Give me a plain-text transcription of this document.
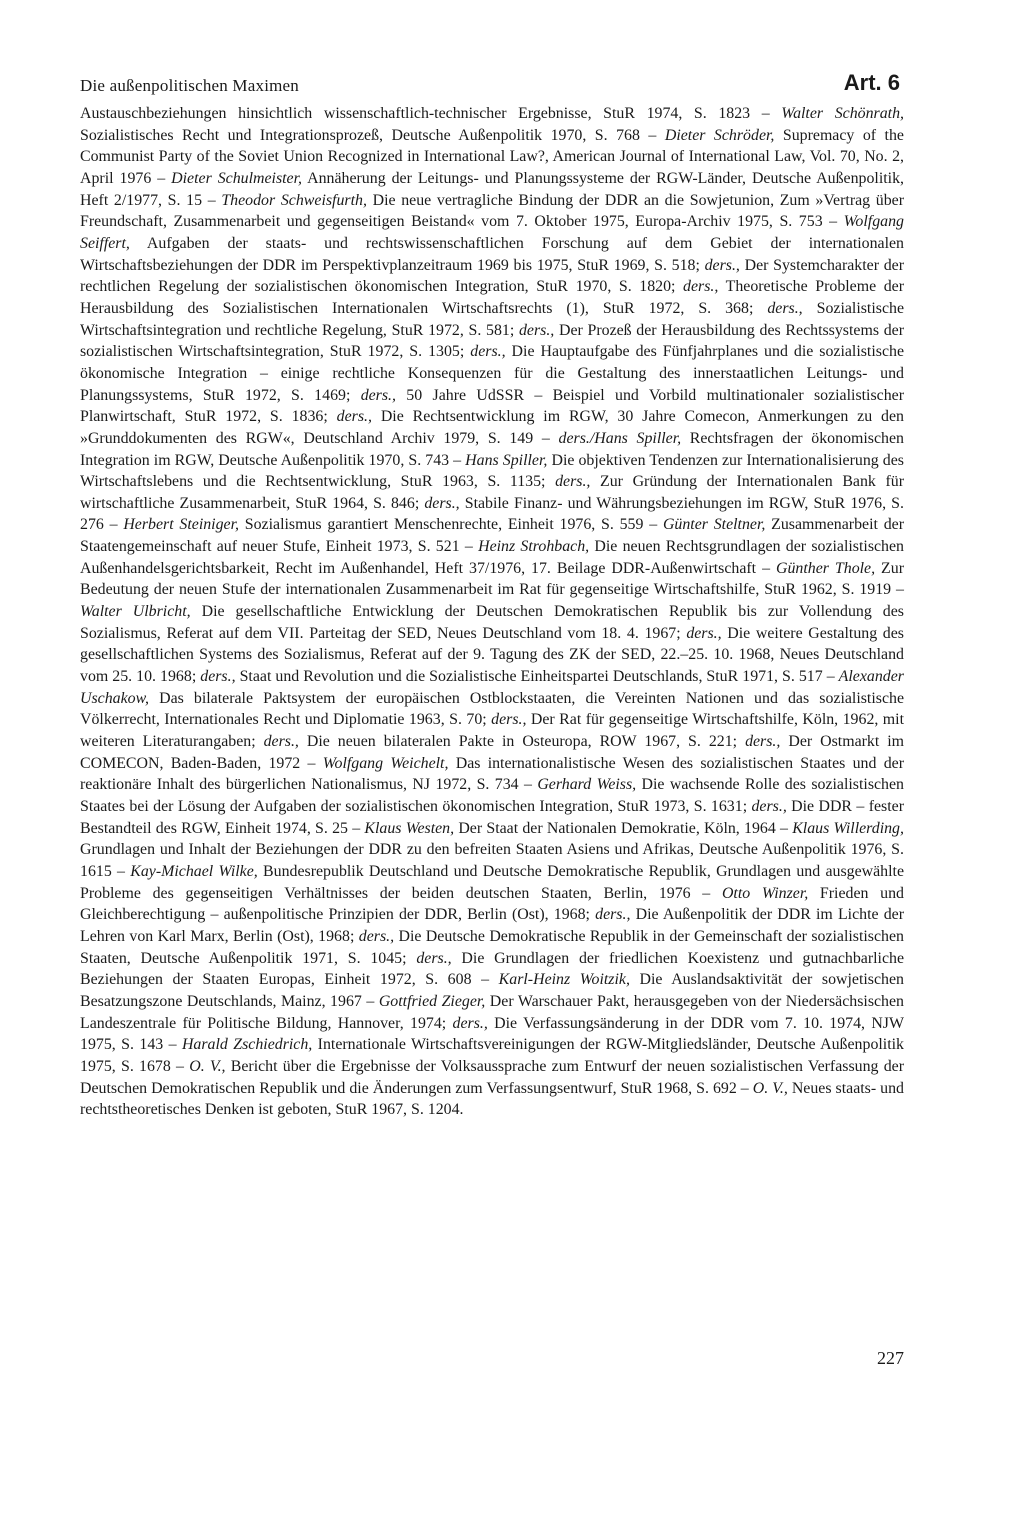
Die außenpolitischen Maximen	Art. 6

Austauschbeziehungen hinsichtlich wissenschaftlich-technischer Ergebnisse, StuR 1974, S. 1823 – Walter Schönrath, Sozialistisches Recht und Integrationsprozeß, Deutsche Außenpolitik 1970, S. 768 – Dieter Schröder, Supremacy of the Communist Party of the Soviet Union Recognized in International Law?, American Journal of International Law, Vol. 70, No. 2, April 1976 – Dieter Schulmeister, Annäherung der Leitungs- und Planungssysteme der RGW-Länder, Deutsche Außenpolitik, Heft 2/1977, S. 15 – Theodor Schweisfurth, Die neue vertragliche Bindung der DDR an die Sowjetunion, Zum »Vertrag über Freundschaft, Zusammenarbeit und gegenseitigen Beistand« vom 7. Oktober 1975, Europa-Archiv 1975, S. 753 – Wolfgang Seiffert, Aufgaben der staats- und rechtswissenschaftlichen Forschung auf dem Gebiet der internationalen Wirtschaftsbeziehungen der DDR im Perspektivplanzeitraum 1969 bis 1975, StuR 1969, S. 518; ders., Der Systemcharakter der rechtlichen Regelung der sozialistischen ökonomischen Integration, StuR 1970, S. 1820; ders., Theoretische Probleme der Herausbildung des Sozialistischen Internationalen Wirtschaftsrechts (1), StuR 1972, S. 368; ders., Sozialistische Wirtschaftsintegration und rechtliche Regelung, StuR 1972, S. 581; ders., Der Prozeß der Herausbildung des Rechtssystems der sozialistischen Wirtschaftsintegration, StuR 1972, S. 1305; ders., Die Hauptaufgabe des Fünfjahrplanes und die sozialistische ökonomische Integration – einige rechtliche Konsequenzen für die Gestaltung des innerstaatlichen Leitungs- und Planungssystems, StuR 1972, S. 1469; ders., 50 Jahre UdSSR – Beispiel und Vorbild multinationaler sozialistischer Planwirtschaft, StuR 1972, S. 1836; ders., Die Rechtsentwicklung im RGW, 30 Jahre Comecon, Anmerkungen zu den »Grunddokumenten des RGW«, Deutschland Archiv 1979, S. 149 – ders./Hans Spiller, Rechtsfragen der ökonomischen Integration im RGW, Deutsche Außenpolitik 1970, S. 743 – Hans Spiller, Die objektiven Tendenzen zur Internationalisierung des Wirtschaftslebens und die Rechtsentwicklung, StuR 1963, S. 1135; ders., Zur Gründung der Internationalen Bank für wirtschaftliche Zusammenarbeit, StuR 1964, S. 846; ders., Stabile Finanz- und Währungsbeziehungen im RGW, StuR 1976, S. 276 – Herbert Steiniger, Sozialismus garantiert Menschenrechte, Einheit 1976, S. 559 – Günter Steltner, Zusammenarbeit der Staatengemeinschaft auf neuer Stufe, Einheit 1973, S. 521 – Heinz Strohbach, Die neuen Rechtsgrundlagen der sozialistischen Außenhandelsgerichtsbarkeit, Recht im Außenhandel, Heft 37/1976, 17. Beilage DDR-Außenwirtschaft – Günther Thole, Zur Bedeutung der neuen Stufe der internationalen Zusammenarbeit im Rat für gegenseitige Wirtschaftshilfe, StuR 1962, S. 1919 – Walter Ulbricht, Die gesellschaftliche Entwicklung der Deutschen Demokratischen Republik bis zur Vollendung des Sozialismus, Referat auf dem VII. Parteitag der SED, Neues Deutschland vom 18. 4. 1967; ders., Die weitere Gestaltung des gesellschaftlichen Systems des Sozialismus, Referat auf der 9. Tagung des ZK der SED, 22.–25. 10. 1968, Neues Deutschland vom 25. 10. 1968; ders., Staat und Revolution und die Sozialistische Einheitspartei Deutschlands, StuR 1971, S. 517 – Alexander Uschakow, Das bilaterale Paktsystem der europäischen Ostblockstaaten, die Vereinten Nationen und das sozialistische Völkerrecht, Internationales Recht und Diplomatie 1963, S. 70; ders., Der Rat für gegenseitige Wirtschaftshilfe, Köln, 1962, mit weiteren Literaturangaben; ders., Die neuen bilateralen Pakte in Osteuropa, ROW 1967, S. 221; ders., Der Ostmarkt im COMECON, Baden-Baden, 1972 – Wolfgang Weichelt, Das internationalistische Wesen des sozialistischen Staates und der reaktionäre Inhalt des bürgerlichen Nationalismus, NJ 1972, S. 734 – Gerhard Weiss, Die wachsende Rolle des sozialistischen Staates bei der Lösung der Aufgaben der sozialistischen ökonomischen Integration, StuR 1973, S. 1631; ders., Die DDR – fester Bestandteil des RGW, Einheit 1974, S. 25 – Klaus Westen, Der Staat der Nationalen Demokratie, Köln, 1964 – Klaus Willerding, Grundlagen und Inhalt der Beziehungen der DDR zu den befreiten Staaten Asiens und Afrikas, Deutsche Außenpolitik 1976, S. 1615 – Kay-Michael Wilke, Bundesrepublik Deutschland und Deutsche Demokratische Republik, Grundlagen und ausgewählte Probleme des gegenseitigen Verhältnisses der beiden deutschen Staaten, Berlin, 1976 – Otto Winzer, Frieden und Gleichberechtigung – außenpolitische Prinzipien der DDR, Berlin (Ost), 1968; ders., Die Außenpolitik der DDR im Lichte der Lehren von Karl Marx, Berlin (Ost), 1968; ders., Die Deutsche Demokratische Republik in der Gemeinschaft der sozialistischen Staaten, Deutsche Außenpolitik 1971, S. 1045; ders., Die Grundlagen der friedlichen Koexistenz und gutnachbarliche Beziehungen der Staaten Europas, Einheit 1972, S. 608 – Karl-Heinz Woitzik, Die Auslandsaktivität der sowjetischen Besatzungszone Deutschlands, Mainz, 1967 – Gottfried Zieger, Der Warschauer Pakt, herausgegeben von der Niedersächsischen Landeszentrale für Politische Bildung, Hannover, 1974; ders., Die Verfassungsänderung in der DDR vom 7. 10. 1974, NJW 1975, S. 143 – Harald Zschiedrich, Internationale Wirtschaftsvereinigungen der RGW-Mitgliedsländer, Deutsche Außenpolitik 1975, S. 1678 – O. V., Bericht über die Ergebnisse der Volksaussprache zum Entwurf der neuen sozialistischen Verfassung der Deutschen Demokratischen Republik und die Änderungen zum Verfassungsentwurf, StuR 1968, S. 692 – O. V., Neues staats- und rechtstheoretisches Denken ist geboten, StuR 1967, S. 1204.

227
